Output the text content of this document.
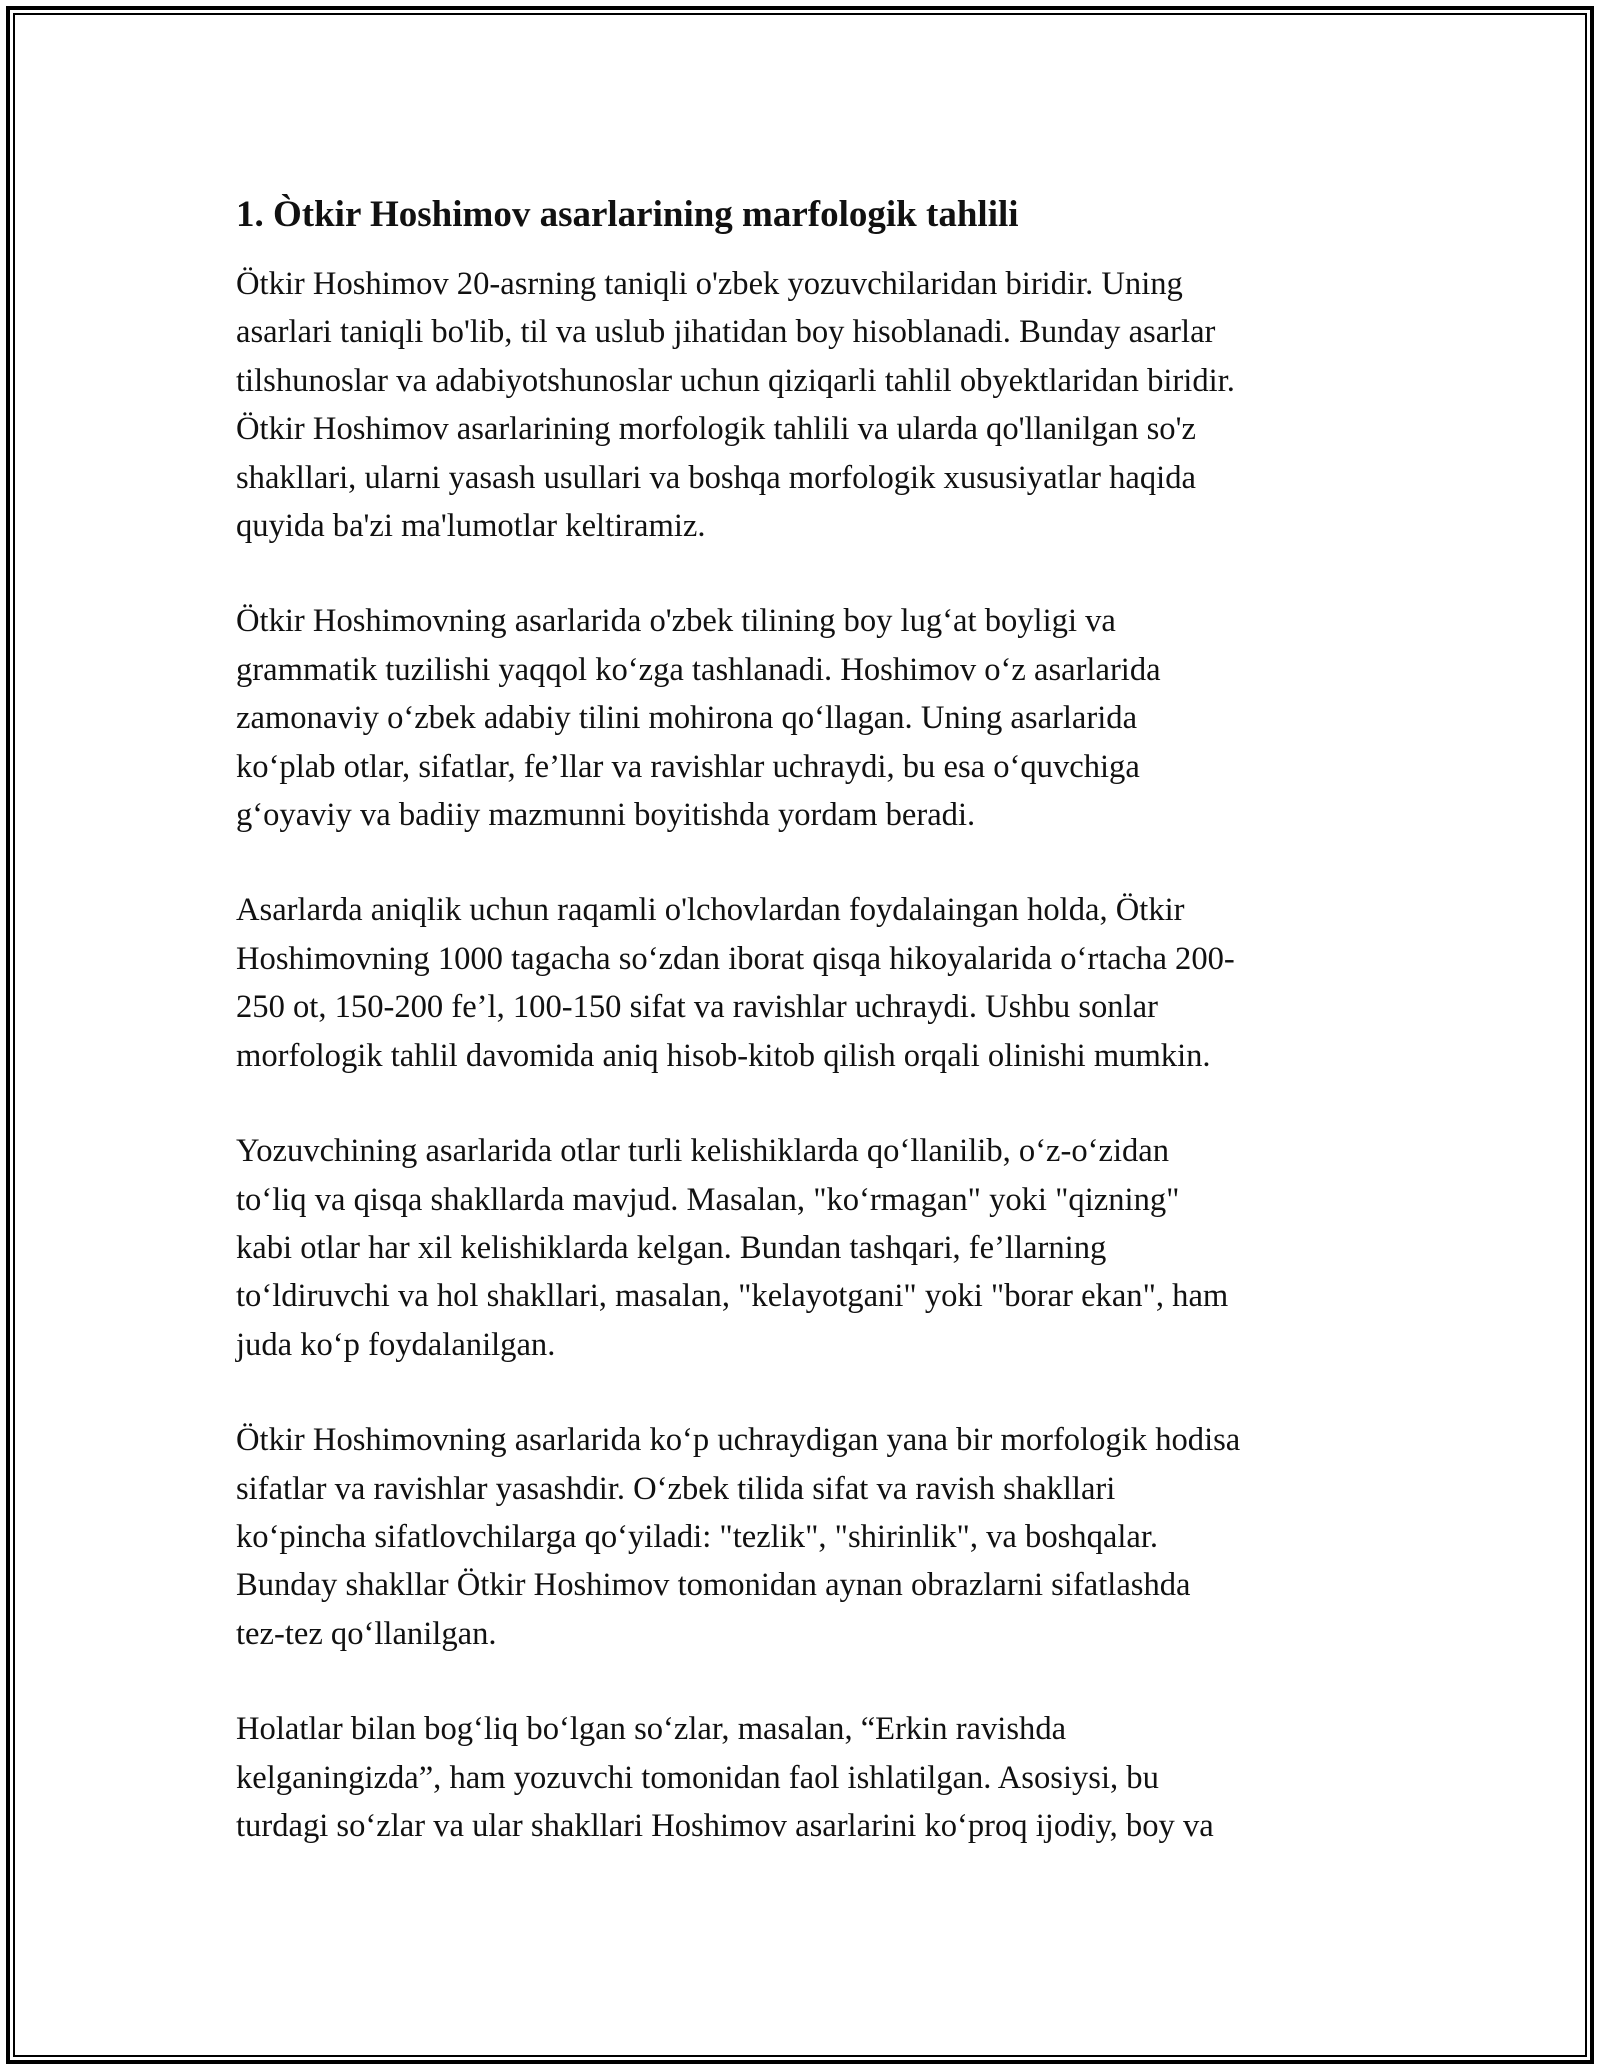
1. Òtkir Hoshimov asarlarining marfologik tahlili

Ötkir Hoshimov 20-asrning taniqli o'zbek yozuvchilaridan biridir. Uning
asarlari taniqli bo'lib, til va uslub jihatidan boy hisoblanadi. Bunday asarlar
tilshunoslar va adabiyotshunoslar uchun qiziqarli tahlil obyektlaridan biridir.
Ötkir Hoshimov asarlarining morfologik tahlili va ularda qo'llanilgan so'z
shakllari, ularni yasash usullari va boshqa morfologik xususiyatlar haqida
quyida ba'zi ma'lumotlar keltiramiz.

Ötkir Hoshimovning asarlarida o'zbek tilining boy lugʻat boyligi va
grammatik tuzilishi yaqqol koʻzga tashlanadi. Hoshimov oʻz asarlarida
zamonaviy oʻzbek adabiy tilini mohirona qoʻllagan. Uning asarlarida
koʻplab otlar, sifatlar, fe’llar va ravishlar uchraydi, bu esa oʻquvchiga
gʻoyaviy va badiiy mazmunni boyitishda yordam beradi.

Asarlarda aniqlik uchun raqamli o'lchovlardan foydalaingan holda, Ötkir
Hoshimovning 1000 tagacha soʻzdan iborat qisqa hikoyalarida oʻrtacha 200-
250 ot, 150-200 fe’l, 100-150 sifat va ravishlar uchraydi. Ushbu sonlar
morfologik tahlil davomida aniq hisob-kitob qilish orqali olinishi mumkin.

Yozuvchining asarlarida otlar turli kelishiklarda qoʻllanilib, oʻz-oʻzidan
toʻliq va qisqa shakllarda mavjud. Masalan, "koʻrmagan" yoki "qizning"
kabi otlar har xil kelishiklarda kelgan. Bundan tashqari, fe’llarning
toʻldiruvchi va hol shakllari, masalan, "kelayotgani" yoki "borar ekan", ham
juda koʻp foydalanilgan.

Ötkir Hoshimovning asarlarida koʻp uchraydigan yana bir morfologik hodisa
sifatlar va ravishlar yasashdir. Oʻzbek tilida sifat va ravish shakllari
koʻpincha sifatlovchilarga qoʻyiladi: "tezlik", "shirinlik", va boshqalar.
Bunday shakllar Ötkir Hoshimov tomonidan aynan obrazlarni sifatlashda
tez-tez qoʻllanilgan.

Holatlar bilan bogʻliq boʻlgan soʻzlar, masalan, “Erkin ravishda
kelganingizda”, ham yozuvchi tomonidan faol ishlatilgan. Asosiysi, bu
turdagi soʻzlar va ular shakllari Hoshimov asarlarini koʻproq ijodiy, boy va
